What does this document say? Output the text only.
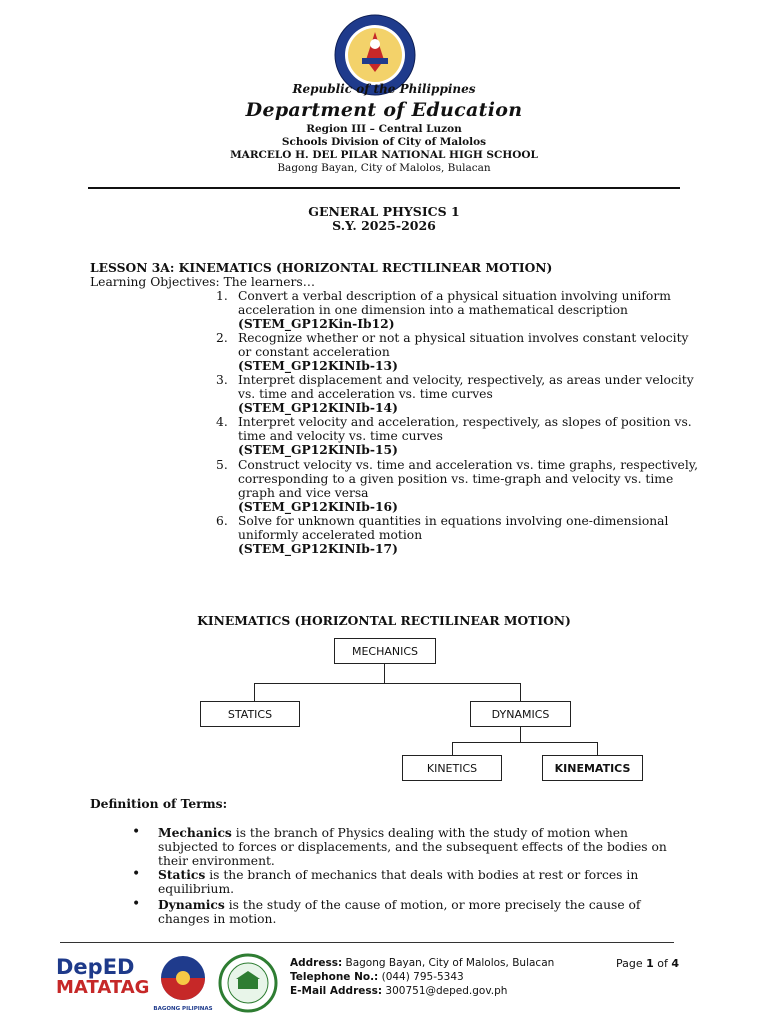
Republic of the Philippines
Department of Education
Region III – Central Luzon
Schools Division of City of Malolos
MARCELO H. DEL PILAR NATIONAL HIGH SCHOOL
Bagong Bayan, City of Malolos, Bulacan
GENERAL PHYSICS 1
S.Y. 2025-2026
LESSON 3A: KINEMATICS (HORIZONTAL RECTILINEAR MOTION)
Learning Objectives: The learners…
1. Convert a verbal description of a physical situation involving uniform acceleration in one dimension into a mathematical description (STEM_GP12Kin-Ib12)
2. Recognize whether or not a physical situation involves constant velocity or constant acceleration
(STEM_GP12KINIb-13)
3. Interpret displacement and velocity, respectively, as areas under velocity vs. time and acceleration vs. time curves
(STEM_GP12KINIb-14)
4. Interpret velocity and acceleration, respectively, as slopes of position vs. time and velocity vs. time curves
(STEM_GP12KINIb-15)
5. Construct velocity vs. time and acceleration vs. time graphs, respectively, corresponding to a given position vs. time-graph and velocity vs. time graph and vice versa
(STEM_GP12KINIb-16)
6. Solve for unknown quantities in equations involving one-dimensional uniformly accelerated motion
(STEM_GP12KINIb-17)
KINEMATICS (HORIZONTAL RECTILINEAR MOTION)
MECHANICS
STATICS	DYNAMICS
KINETICS	KINEMATICS
Definition of Terms:
• Mechanics is the branch of Physics dealing with the study of motion when subjected to forces or displacements, and the subsequent effects of the bodies on their environment.
• Statics is the branch of mechanics that deals with bodies at rest or forces in equilibrium.
• Dynamics is the study of the cause of motion, or more precisely the cause of changes in motion.
DepED
MATATAG
BAGONG PILIPINAS
Address: Bagong Bayan, City of Malolos, Bulacan
Telephone No.: (044) 795-5343
E-Mail Address: 300751@deped.gov.ph
Page 1 of 4
